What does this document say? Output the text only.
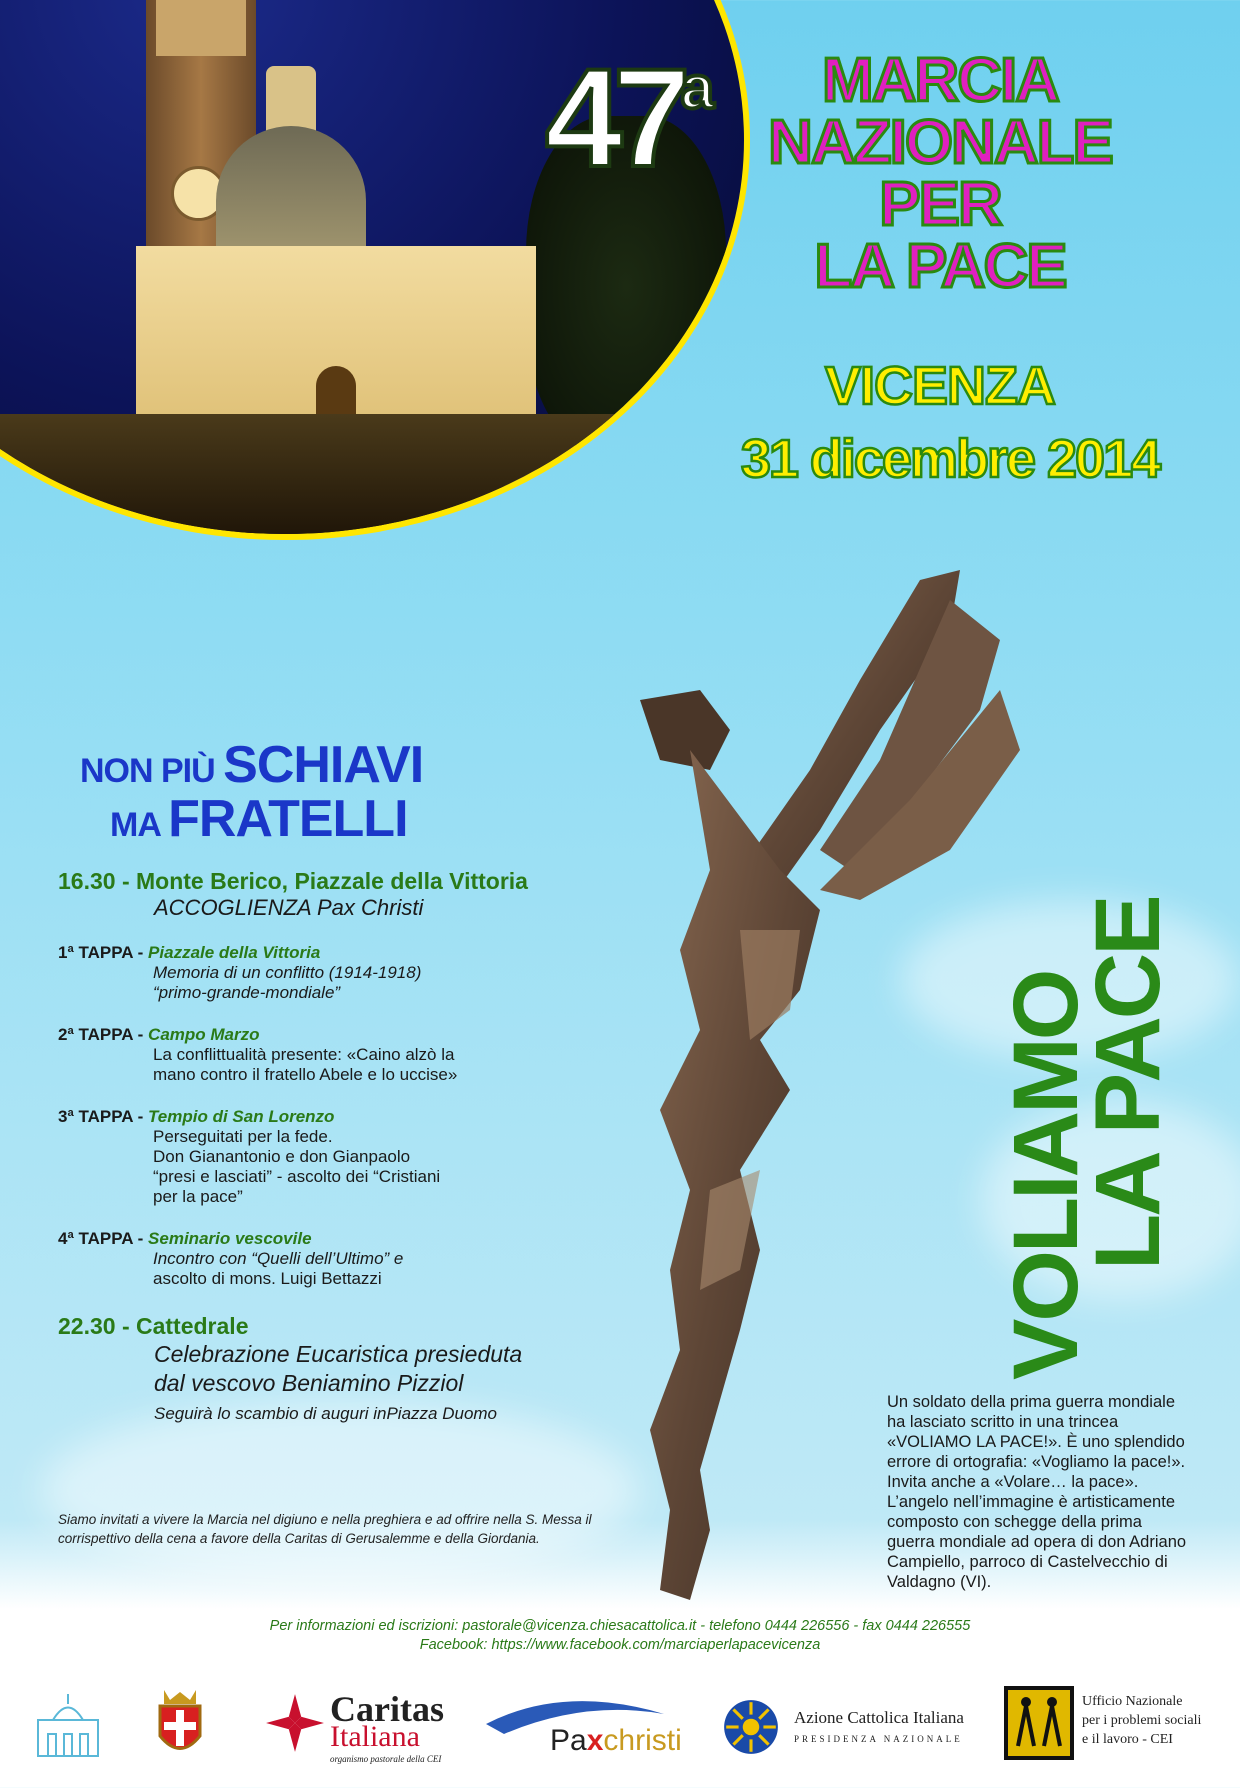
47$^a$	MARCIA
NAZIONALE
PER
LA PACE
VICENZA
31 dicembre 2014
NON PIÙ SCHIAVI
MA FRATELLI
16.30 - Monte Berico, Piazzale della Vittoria
ACCOGLIENZA Pax Christi
1ª TAPPA - Piazzale della Vittoria
Memoria di un conflitto (1914-1918)
“primo-grande-mondiale”
2ª TAPPA - Campo Marzo
La conflittualità presente: «Caino alzò la
mano contro il fratello Abele e lo uccise»
3ª TAPPA - Tempio di San Lorenzo
Perseguitati per la fede.
Don Gianantonio e don Gianpaolo
“presi e lasciati” - ascolto dei “Cristiani
per la pace”
4ª TAPPA - Seminario vescovile
Incontro con “Quelli dell’Ultimo” e
ascolto di mons. Luigi Bettazzi
22.30 - Cattedrale
Celebrazione Eucaristica presieduta
dal vescovo Beniamino Pizziol
Seguirà lo scambio di auguri inPiazza Duomo
Siamo invitati a vivere la Marcia nel digiuno e nella preghiera e ad offrire nella S. Messa il corrispettivo della cena a favore della Caritas di Gerusalemme e della Giordania.
VOLIAMO
LA PACE
Un soldato della prima guerra mondiale ha lasciato scritto in una trincea «VOLIAMO LA PACE!». È uno splendido errore di ortografia: «Vogliamo la pace!». Invita anche a «Volare… la pace». L’angelo nell’immagine è artisticamente composto con schegge della prima guerra mondiale ad opera di don Adriano Campiello, parroco di Castelvecchio di Valdagno (VI).
Per informazioni ed iscrizioni: pastorale@vicenza.chiesacattolica.it - telefono 0444 226556 - fax 0444 226555
Facebook: https://www.facebook.com/marciaperlapacevicenza
Caritas
Italiana
organismo pastorale della CEI
Paxchristi
Azione Cattolica Italiana
PRESIDENZA NAZIONALE
Ufficio Nazionale
per i problemi sociali
e il lavoro - CEI
